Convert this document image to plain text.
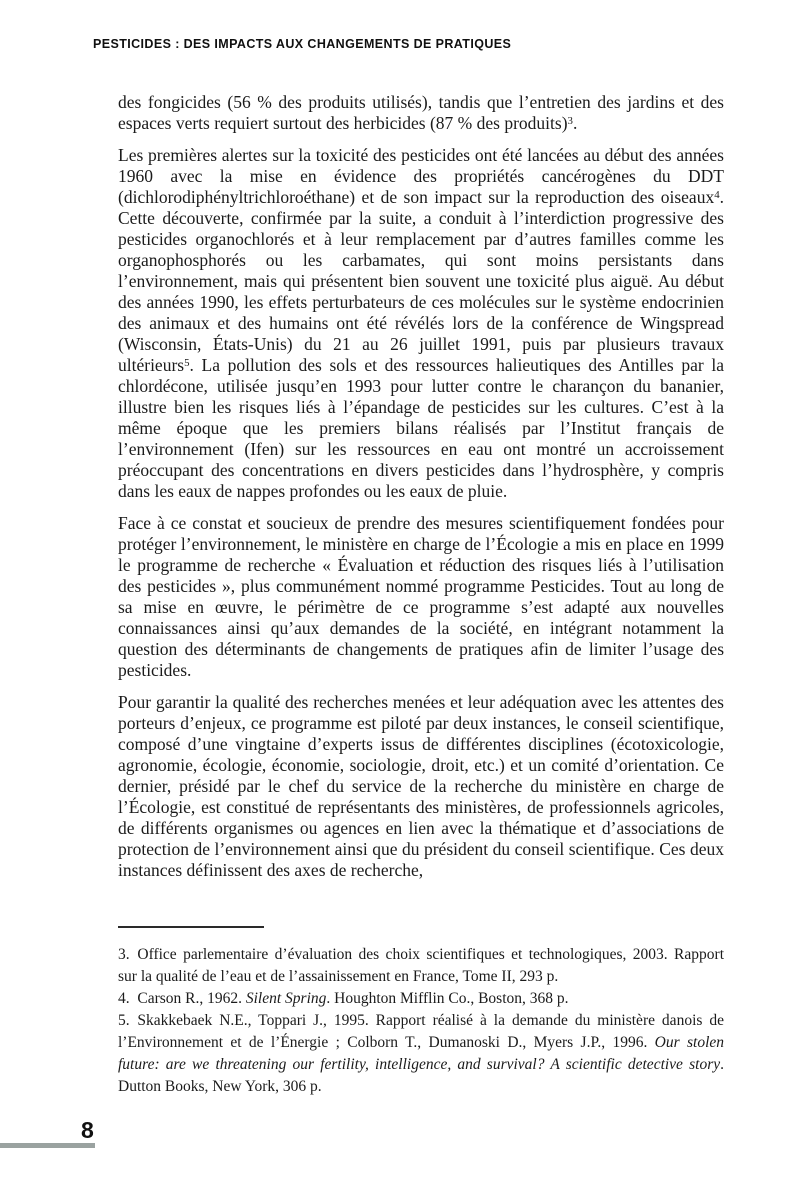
PESTICIDES : DES IMPACTS AUX CHANGEMENTS DE PRATIQUES

des fongicides (56 % des produits utilisés), tandis que l’entretien des jardins et des espaces verts requiert surtout des herbicides (87 % des produits)$^3$.

Les premières alertes sur la toxicité des pesticides ont été lancées au début des années 1960 avec la mise en évidence des propriétés cancérogènes du DDT (dichlorodiphényltrichloroéthane) et de son impact sur la reproduction des oiseaux$^4$. Cette découverte, confirmée par la suite, a conduit à l’interdiction progressive des pesticides organochlorés et à leur remplacement par d’autres familles comme les organophosphorés ou les carbamates, qui sont moins persistants dans l’environnement, mais qui présentent bien souvent une toxicité plus aiguë. Au début des années 1990, les effets perturbateurs de ces molécules sur le système endocrinien des animaux et des humains ont été révélés lors de la conférence de Wingspread (Wisconsin, États-Unis) du 21 au 26 juillet 1991, puis par plusieurs travaux ultérieurs$^5$. La pollution des sols et des ressources halieutiques des Antilles par la chlordécone, utilisée jusqu’en 1993 pour lutter contre le charançon du bananier, illustre bien les risques liés à l’épandage de pesticides sur les cultures. C’est à la même époque que les premiers bilans réalisés par l’Institut français de l’environnement (Ifen) sur les ressources en eau ont montré un accroissement préoccupant des concentrations en divers pesticides dans l’hydrosphère, y compris dans les eaux de nappes profondes ou les eaux de pluie.

Face à ce constat et soucieux de prendre des mesures scientifiquement fondées pour protéger l’environnement, le ministère en charge de l’Écologie a mis en place en 1999 le programme de recherche « Évaluation et réduction des risques liés à l’utilisation des pesticides », plus communément nommé programme Pesticides. Tout au long de sa mise en œuvre, le périmètre de ce programme s’est adapté aux nouvelles connaissances ainsi qu’aux demandes de la société, en intégrant notamment la question des déterminants de changements de pratiques afin de limiter l’usage des pesticides.

Pour garantir la qualité des recherches menées et leur adéquation avec les attentes des porteurs d’enjeux, ce programme est piloté par deux instances, le conseil scientifique, composé d’une vingtaine d’experts issus de différentes disciplines (écotoxicologie, agronomie, écologie, économie, sociologie, droit, etc.) et un comité d’orientation. Ce dernier, présidé par le chef du service de la recherche du ministère en charge de l’Écologie, est constitué de représentants des ministères, de professionnels agricoles, de différents organismes ou agences en lien avec la thématique et d’associations de protection de l’environnement ainsi que du président du conseil scientifique. Ces deux instances définissent des axes de recherche,

3. Office parlementaire d’évaluation des choix scientifiques et technologiques, 2003. Rapport sur la qualité de l’eau et de l’assainissement en France, Tome II, 293 p.

4. Carson R., 1962. Silent Spring. Houghton Mifflin Co., Boston, 368 p.

5. Skakkebaek N.E., Toppari J., 1995. Rapport réalisé à la demande du ministère danois de l’Environnement et de l’Énergie ; Colborn T., Dumanoski D., Myers J.P., 1996. Our stolen future: are we threatening our fertility, intelligence, and survival? A scientific detective story. Dutton Books, New York, 306 p.

8
